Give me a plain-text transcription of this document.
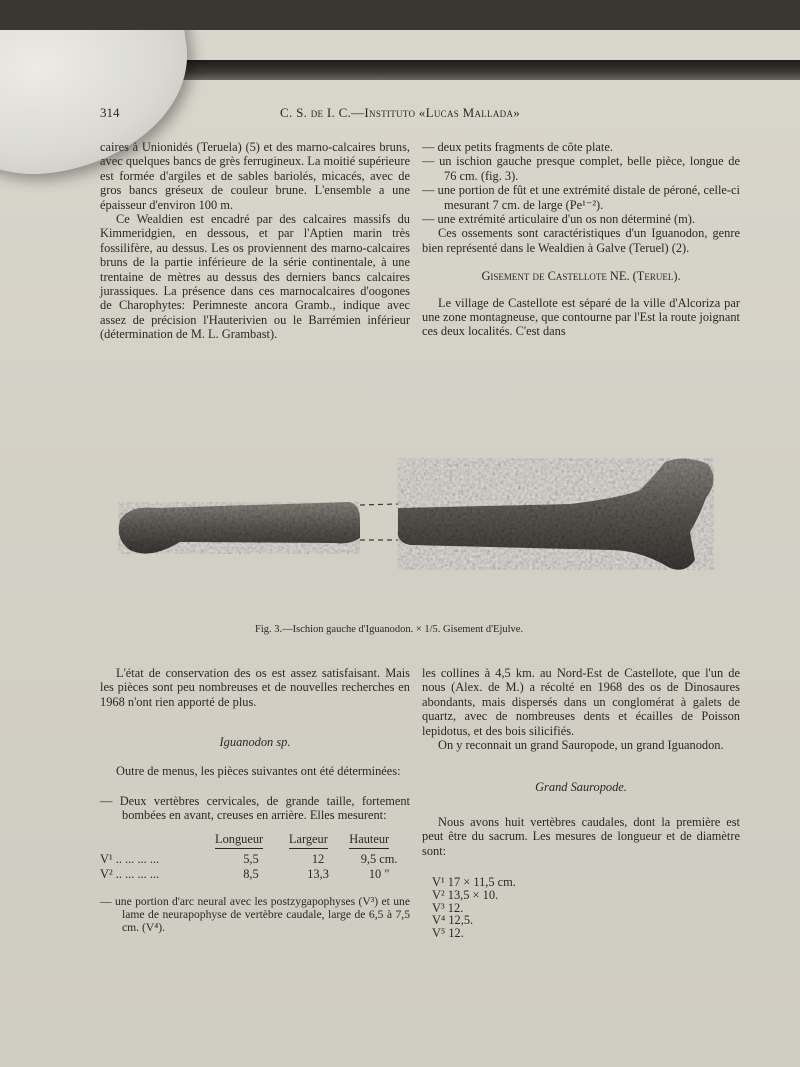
314	C. S. de I. C.—Instituto «Lucas Mallada»

caires à Unionidés (Teruela) (5) et des marno-calcaires bruns, avec quelques bancs de grès ferrugineux. La moitié supérieure est formée d'argiles et de sables bariolés, micacés, avec de gros bancs gréseux de couleur brune. L'ensemble a une épaisseur d'environ 100 m.

Ce Wealdien est encadré par des calcaires massifs du Kimmeridgien, en dessous, et par l'Aptien marin très fossilifère, au dessus. Les os proviennent des marno-calcaires bruns de la partie inférieure de la série continentale, à une trentaine de mètres au dessus des derniers bancs calcaires jurassiques. La présence dans ces marnocalcaires d'oogones de Charophytes: Perimneste ancora Gramb., indique avec assez de précision l'Hauterivien ou le Barrémien inférieur (détermination de M. L. Grambast).

— deux petits fragments de côte plate.

— un ischion gauche presque complet, belle pièce, longue de 76 cm. (fig. 3).

— une portion de fût et une extrémité distale de péroné, celle-ci mesurant 7 cm. de large (Pe¹⁻²).

— une extrémité articulaire d'un os non déterminé (m).

Ces ossements sont caractéristiques d'un Iguanodon, genre bien représenté dans le Wealdien à Galve (Teruel) (2).

Gisement de Castellote NE. (Teruel).

Le village de Castellote est séparé de la ville d'Alcoriza par une zone montagneuse, que contourne par l'Est la route joignant ces deux localités. C'est dans

Fig. 3.—Ischion gauche d'Iguanodon. × 1/5. Gisement d'Ejulve.

L'état de conservation des os est assez satisfaisant. Mais les pièces sont peu nombreuses et de nouvelles recherches en 1968 n'ont rien apporté de plus.

Iguanodon sp.

Outre de menus, les pièces suivantes ont été déterminées:

— Deux vertèbres cervicales, de grande taille, fortement bombées en avant, creuses en arrière. Elles mesurent:

	Longueur	Largeur	Hauteur
V¹ .. ... ... ...	5,5	12	9,5 cm.
V² .. ... ... ...	8,5	13,3	10 "

— une portion d'arc neural avec les postzygapophyses (V³) et une lame de neurapophyse de vertèbre caudale, large de 6,5 à 7,5 cm. (V⁴).

les collines à 4,5 km. au Nord-Est de Castellote, que l'un de nous (Alex. de M.) a récolté en 1968 des os de Dinosaures abondants, mais dispersés dans un conglomérat à galets de quartz, avec de nombreuses dents et écailles de Poisson lepidotus, et des bois silicifiés.

On y reconnait un grand Sauropode, un grand Iguanodon.

Grand Sauropode.

Nous avons huit vertèbres caudales, dont la première est peut être du sacrum. Les mesures de longueur et de diamètre sont:

V¹ 17 × 11,5 cm.
V² 13,5 × 10.
V³ 12.
V⁴ 12,5.
V⁵ 12.
